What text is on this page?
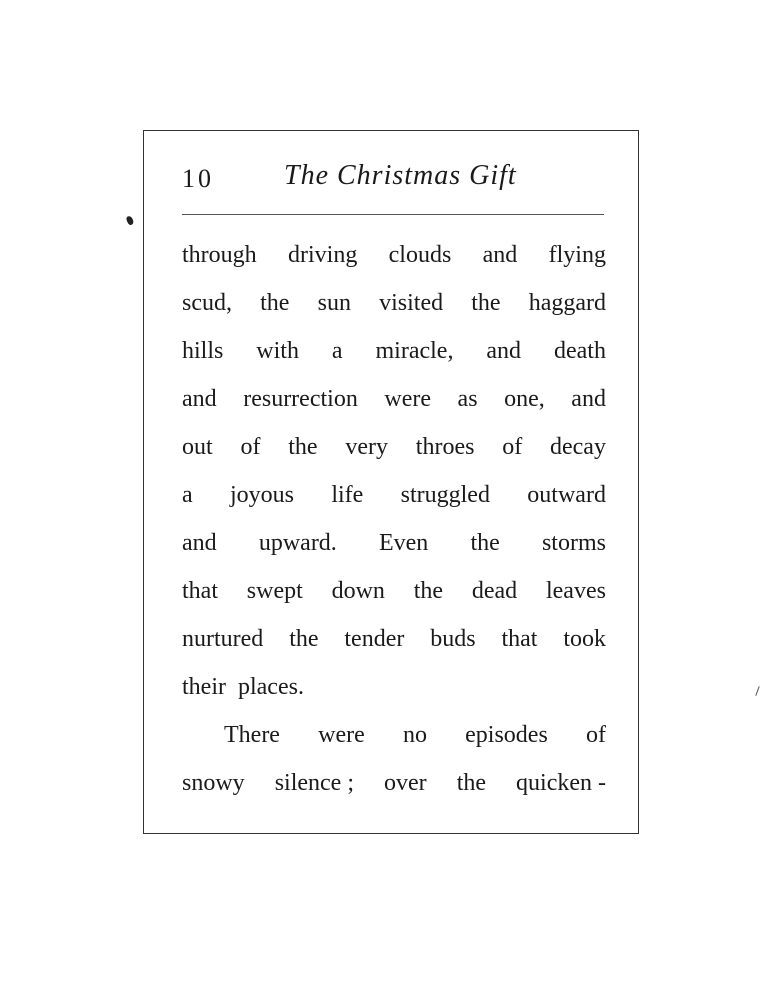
10	The Christmas Gift
through driving clouds and flying
scud, the sun visited the haggard
hills with a miracle, and death
and resurrection were as one, and
out of the very throes of decay
a joyous life struggled outward
and upward. Even the storms
that swept down the dead leaves
nurtured the tender buds that took
their places.
There were no episodes of
snowy silence ; over the quicken -
